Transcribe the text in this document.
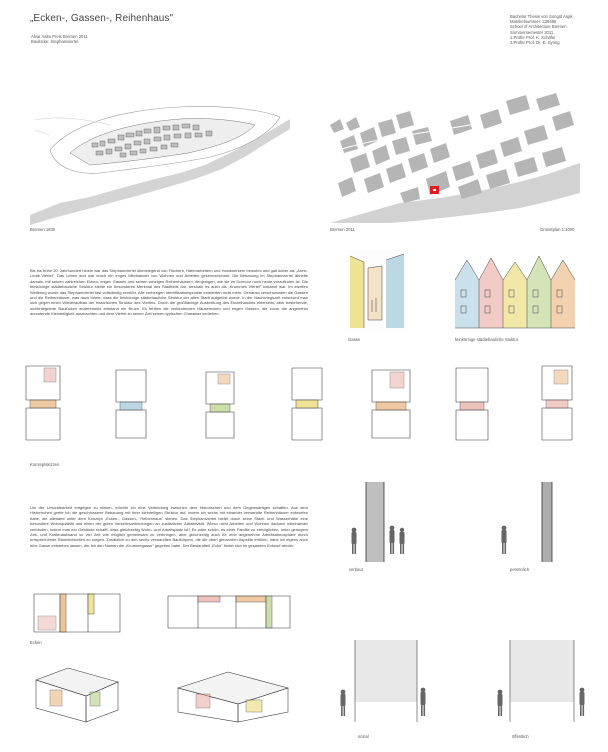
„Ecken-, Gassen-, Reihenhaus"
Alvar Aalto Preis Bremen 2011
Baulücke: Stephaniviertel
Bachelor Thesis von Songül Argik
Matrikelnummer: 239486
School of Architecture Bremen
Sommersemester 2011
1.Prüfer Prof. K. Schäfer
2.Prüfer Prof. Dr. E. Syring
Bremen 1830	Bremen 2011	Gronstplan 1:1000
Bis ins frühe 20. Jahrhundert hinein war das Stephaniviertel überwiegend von Fischern, Hafenarbeitern und Handwerkern bewohnt und galt daher als „Arme-Leute-Viertel". Das Leben dort war durch ein enges Miteinander von Wohnen und Arbeiten gekennzeichnet. Die Bebauung im Stephaniviertel ähnelte damals, mit seinen zahlreichen Ecken, engen Gassen und seinen winzigen Reihenhäusern, denjenigen, wie sie im Schnoor noch heute vorzufinden ist. Die feinkörnige städtebauliche Struktur stellte ein besonderes Merkmal des Stadtteils dar, weshalb es auch als „Krummes Viertel" bekannt war. Im zweiten Weltkrieg wurde das Stephaniviertel fast vollständig zerstört. Alle vorherigen Identifikationspunkte existierten nicht mehr. Genauso verschwanden die Gassen und die Reihenhäuser, was dazu führte, dass die feinkörnige städtebauliche Struktur der alten Stadt aufgelöst wurde. In der Nachkriegszeit entschied man sich gegen einen Wiederaufbau der historischen Struktur des Viertels. Durch die großflächige Ausbreitung des Einzelhandels einerseits, aber bestehende, nichtintegrierte Baulücken andererseits entstand ein Bruch. Es fehlten die verbindenden Häuserecken und engen Gassen, die zuvor die angenehm anmutende Kleinteiligkeit ausmachten und dem Viertel zu seiner Zeit seinen typischen Charakter verliehen.
Gasse	feinkörnige städtebauliche Stuktur
Konzeptskizzen
Um der Unsichtbarkeit entgegen zu wirken, möchte ich eine Verbindung zwischen dem Historischen und dem Gegenwärtigen schaffen. Aus dem Historischen greife ich die geschlossene Bebauung mit ihrer kleinteiligen Struktur auf, indem ich sechs mit einander verwandte Reihenhäuser entworfen habe, die allesamt unter dem Konzept „Ecken-, Gassen-, Reihenhaus" stehen. Das Stephaniviertel bietet durch seine Stadt- und Wasserhähe eine besondere Wohnqualität und einen der guten Verkehrsanbindungen an zusätzlicher Attraktivität. Wieso nicht Arbeiten und Wohnen dadurch miteinander verbinden, indem man ein Gebäude schafft, dass gleichzeitig Wohn- und Arbeitsplatz ist? Es wäre schön, es einer Familie zu ermöglichen, unter geringem Zeit- und Kostenaufwand so viel Zeit wie möglich gemeinsam zu verbringen, aber gleichzeitig auch für eine angenehme Arbeitsatmosphäre durch entsprechende Räumlichkeiten zu sorgen. Zusätzlich zu den sechs verwandten Baukörpern, die die oben genannten Aspekte erfüllen, habe ich eigens auch eine Gasse entstehen lassen, der ich den Namen die „Krummegasse" gegeben habe. Der Bestandteil „Ecke" findet sich im gesamten Entwurf wieder.
verbaut	persönlich
Ecken
sozial	öffentlich
